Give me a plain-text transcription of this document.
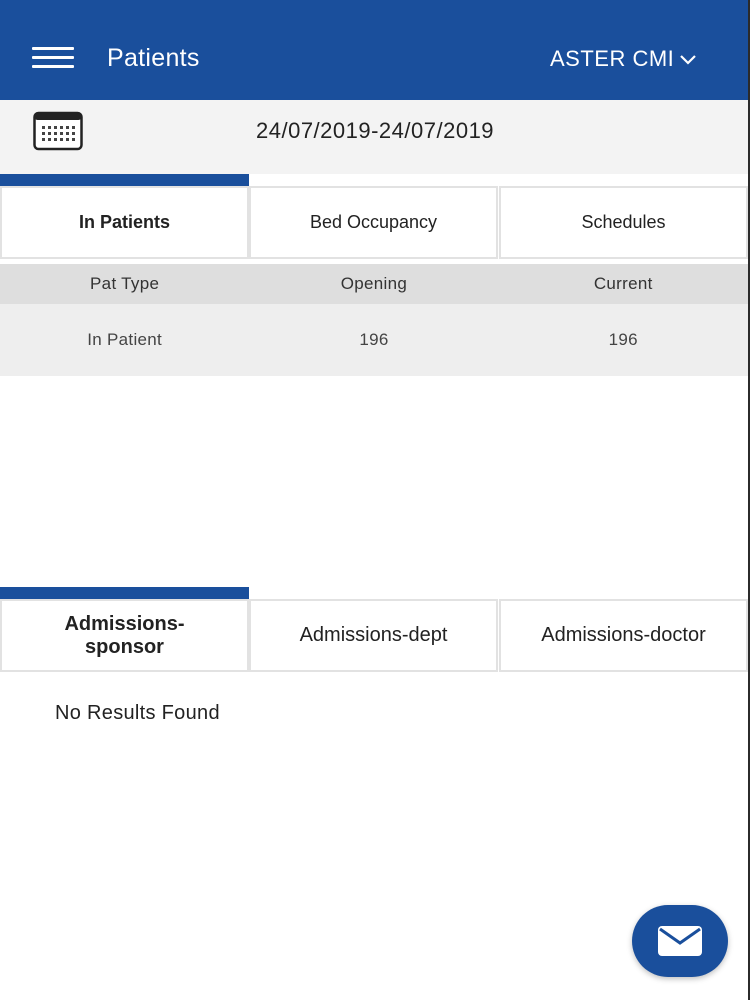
Patients	ASTER CMI
24/07/2019-24/07/2019
In Patients	Bed Occupancy	Schedules
Pat Type	Opening	Current
In Patient	196	196
Admissions-sponsor
Admissions-dept	Admissions-doctor
No Results Found
